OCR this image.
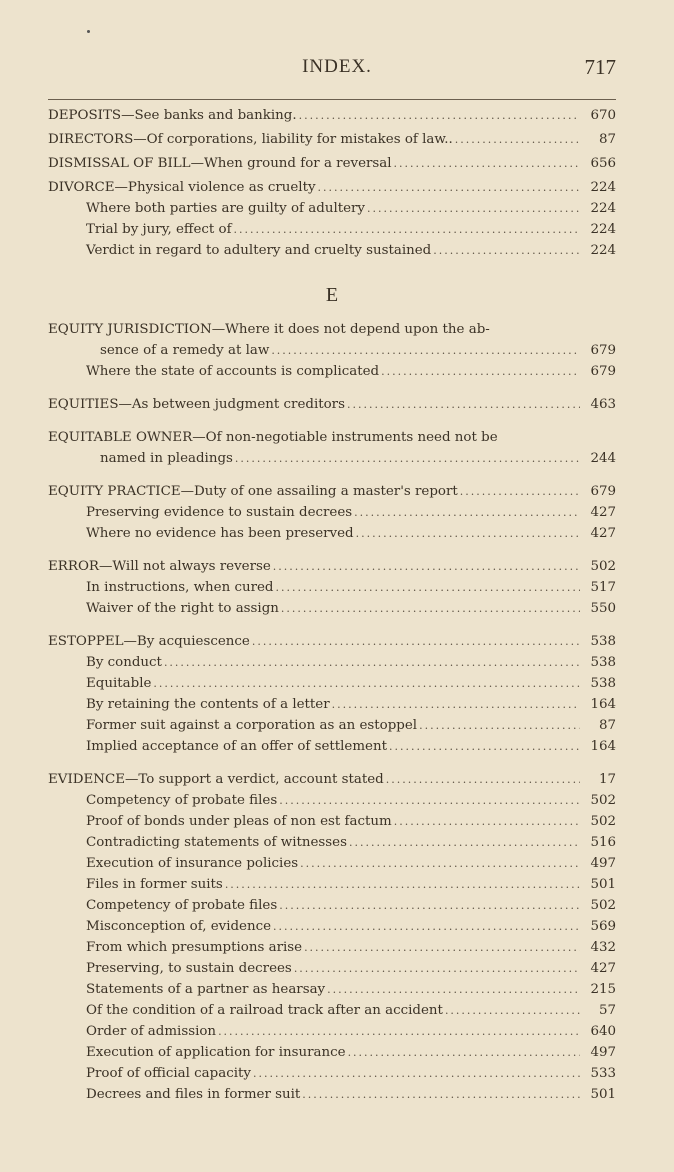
INDEX.	717
DEPOSITS—See banks and banking. .....	670
DIRECTORS—Of corporations, liability for mistakes of law.. .....	87
DISMISSAL OF BILL—When ground for a reversal .....	656
DIVORCE—Physical violence as cruelty .....	224
Where both parties are guilty of adultery .....	224
Trial by jury, effect of .....	224
Verdict in regard to adultery and cruelty sustained .....	224
E
EQUITY JURISDICTION—Where it does not depend upon the ab-
sence of a remedy at law .....	679
Where the state of accounts is complicated .....	679
EQUITIES—As between judgment creditors .....	463
EQUITABLE OWNER—Of non-negotiable instruments need not be
named in pleadings .....	244
EQUITY PRACTICE—Duty of one assailing a master's report .....	679
Preserving evidence to sustain decrees .....	427
Where no evidence has been preserved .....	427
ERROR—Will not always reverse .....	502
In instructions, when cured .....	517
Waiver of the right to assign .....	550
ESTOPPEL—By acquiescence .....	538
By conduct .....	538
Equitable .....	538
By retaining the contents of a letter .....	164
Former suit against a corporation as an estoppel .....	87
Implied acceptance of an offer of settlement .....	164
EVIDENCE—To support a verdict, account stated .....	17
Competency of probate files .....	502
Proof of bonds under pleas of non est factum .....	502
Contradicting statements of witnesses .....	516
Execution of insurance policies .....	497
Files in former suits .....	501
Competency of probate files .....	502
Misconception of, evidence .....	569
From which presumptions arise .....	432
Preserving, to sustain decrees .....	427
Statements of a partner as hearsay .....	215
Of the condition of a railroad track after an accident .....	57
Order of admission .....	640
Execution of application for insurance .....	497
Proof of official capacity .....	533
Decrees and files in former suit .....	501
